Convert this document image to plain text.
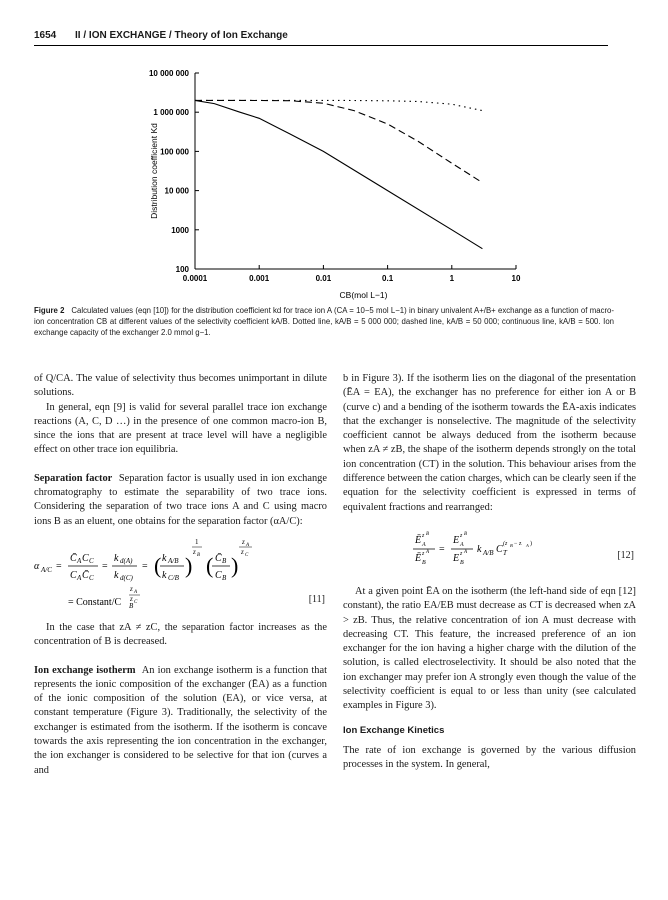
1654 II / ION EXCHANGE / Theory of Ion Exchange
0.0001	0.001	0.01	0.1	1	10
10 000 000
1 000 000
100 000
10 000
1000
100
CB(mol L−1)
Distribution coefficient Kd
Figure 2 Calculated values (eqn [10]) for the distribution coefficient kd for trace ion A (CA = 10−5 mol L−1) in binary univalent A+/B+ exchange as a function of macro-ion concentration CB at different values of the selectivity coefficient kA/B. Dotted line, kA/B = 5 000 000; dashed line, kA/B = 50 000; continuous line, kA/B = 500. Ion exchange capacity of the exchanger 2.0 mmol g−1.

of Q/CA. The value of selectivity thus becomes unimportant in dilute solutions.

In general, eqn [9] is valid for several parallel trace ion exchange reactions (A, C, D …) in the presence of one common macro-ion B, since the ions that are present at trace level will have a negligible effect on other trace ion equilibria.

Separation factor Separation factor is usually used in ion exchange chromatography to estimate the separability of two trace ions. Considering the separation of two trace ions A and C using macro ions B as an eluent, one obtains for the separation factor (αA/C):

α A/C =
C̄ A C C
C A C̄ C
=
k d(A)
k d(C)
= ( k A/B
k C/B )
1
z B ( C̄ B
C B )
z A
z C
= Constant/C B
z A
z C	[11]

In the case that zA ≠ zC, the separation factor increases as the concentration of B is decreased.

Ion exchange isotherm An ion exchange isotherm is a function that represents the ionic composition of the exchanger (ĒA) as a function of the ionic composition of the solution (EA), or vice versa, at constant temperature (Figure 3). Traditionally, the selectivity of the exchanger is estimated from the isotherm. If the isotherm is concave towards the axis representing the ion concentration in the exchanger, the ion exchanger is considered to be selective for that ion (curves a and

b in Figure 3). If the isotherm lies on the diagonal of the presentation (ĒA = EA), the exchanger has no preference for either ion A or B (curve c) and a bending of the isotherm towards the ĒA-axis indicates that the exchanger is nonselective. The magnitude of the selectivity coefficient cannot be always deduced from the isotherm because when zA ≠ zB, the shape of the isotherm depends strongly on the total ion concentration (CT) in the solution. This behaviour arises from the difference between the cation charges, which can be clearly seen if the equation for the selectivity coefficient is expressed in terms of equivalent fractions and rearranged:

Ē z
A
B
Ē z
B
A =
E z
A
B
E z
B
A k A/B C T
(z B − z A )
[12]

At a given point ĒA on the isotherm (the left-hand side of eqn [12] constant), the ratio EA/EB must decrease as CT is decreased when zA > zB. Thus, the relative concentration of ion A must decrease with decreasing CT. This feature, the increased preference of an ion exchanger for the ion having a higher charge with the dilution of the solution, is called electroselectivity. It should be also noted that the ion exchanger may prefer ion A strongly even though the value of the selectivity coefficient is equal to or less than unity (see calculated examples in Figure 3).

Ion Exchange Kinetics

The rate of ion exchange is governed by the various diffusion processes in the system. In general,
